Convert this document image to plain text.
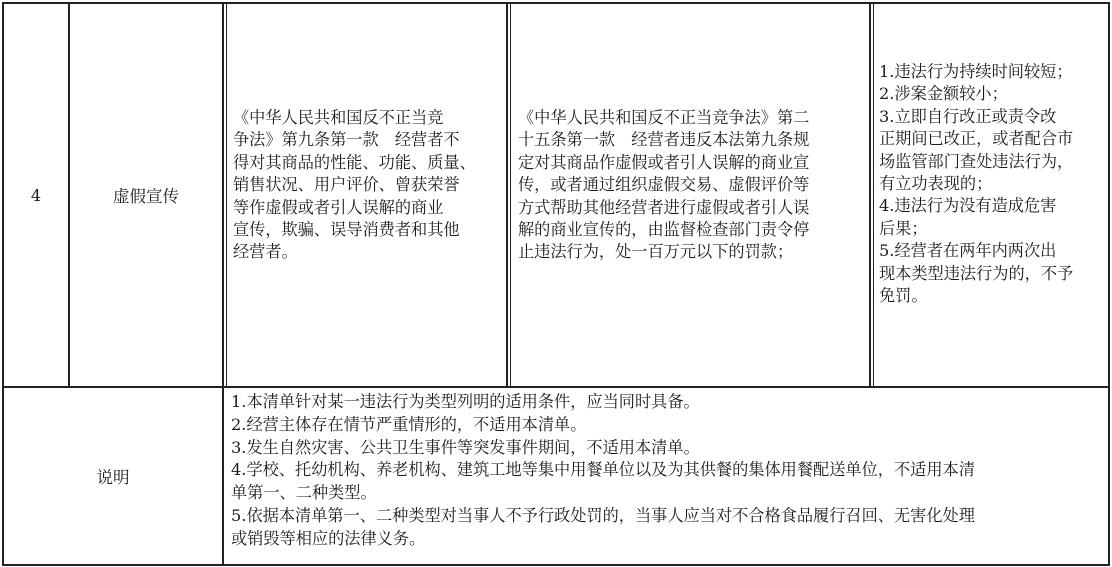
4	虚假宣传
《中华人民共和国反不正当竞
争法》第九条第一款　经营者不
得对其商品的性能、功能、质量、
销售状况、用户评价、曾获荣誉
等作虚假或者引人误解的商业
宣传，欺骗、误导消费者和其他
经营者。
《中华人民共和国反不正当竞争法》第二
十五条第一款　经营者违反本法第九条规
定对其商品作虚假或者引人误解的商业宣
传，或者通过组织虚假交易、虚假评价等
方式帮助其他经营者进行虚假或者引人误
解的商业宣传的，由监督检查部门责令停
止违法行为，处一百万元以下的罚款；
1.违法行为持续时间较短；
2.涉案金额较小；
3.立即自行改正或责令改
正期间已改正，或者配合市
场监管部门查处违法行为，
有立功表现的；
4.违法行为没有造成危害
后果；
5.经营者在两年内两次出
现本类型违法行为的，不予
免罚。
说明
1.本清单针对某一违法行为类型列明的适用条件，应当同时具备。
2.经营主体存在情节严重情形的，不适用本清单。
3.发生自然灾害、公共卫生事件等突发事件期间，不适用本清单。
4.学校、托幼机构、养老机构、建筑工地等集中用餐单位以及为其供餐的集体用餐配送单位，不适用本清
单第一、二种类型。
5.依据本清单第一、二种类型对当事人不予行政处罚的，当事人应当对不合格食品履行召回、无害化处理
或销毁等相应的法律义务。
